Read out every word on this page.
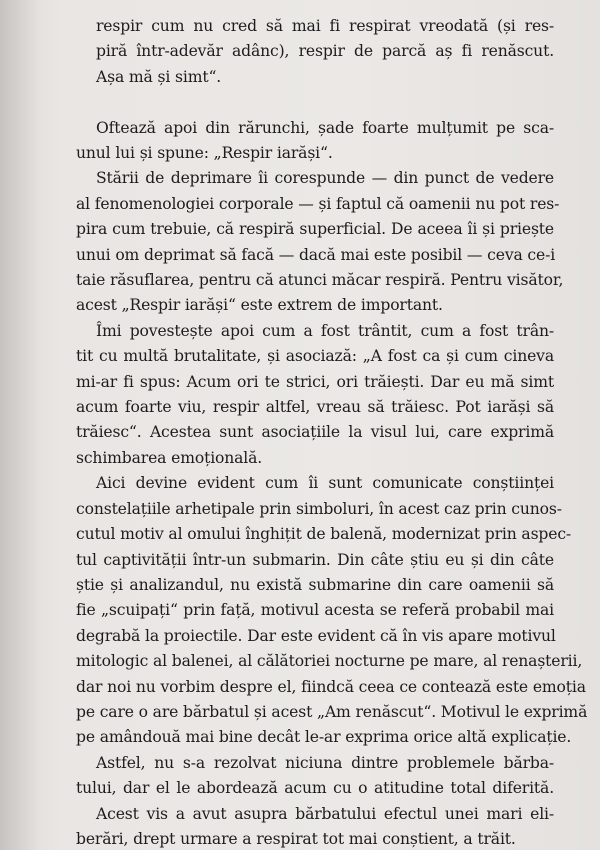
respir cum nu cred să mai fi respirat vreodată (și res-
piră într-adevăr adânc), respir de parcă aș fi renăscut.
Așa mă și simt“.
Oftează apoi din rărunchi, șade foarte mulțumit pe sca-
unul lui și spune: „Respir iarăși“.
Stării de deprimare îi corespunde — din punct de vedere
al fenomenologiei corporale — și faptul că oamenii nu pot res-
pira cum trebuie, că respiră superficial. De aceea îi și priește
unui om deprimat să facă — dacă mai este posibil — ceva ce-i
taie răsuflarea, pentru că atunci măcar respiră. Pentru visător,
acest „Respir iarăși“ este extrem de important.
Îmi povestește apoi cum a fost trântit, cum a fost trân-
tit cu multă brutalitate, și asociază: „A fost ca și cum cineva
mi-ar fi spus: Acum ori te strici, ori trăiești. Dar eu mă simt
acum foarte viu, respir altfel, vreau să trăiesc. Pot iarăși să
trăiesc“. Acestea sunt asociațiile la visul lui, care exprimă
schimbarea emoțională.
Aici devine evident cum îi sunt comunicate conștiinței
constelațiile arhetipale prin simboluri, în acest caz prin cunos-
cutul motiv al omului înghițit de balenă, modernizat prin aspec-
tul captivității într-un submarin. Din câte știu eu și din câte
știe și analizandul, nu există submarine din care oamenii să
fie „scuipați“ prin față, motivul acesta se referă probabil mai
degrabă la proiectile. Dar este evident că în vis apare motivul
mitologic al balenei, al călătoriei nocturne pe mare, al renașterii,
dar noi nu vorbim despre el, fiindcă ceea ce contează este emoția
pe care o are bărbatul și acest „Am renăscut“. Motivul le exprimă
pe amândouă mai bine decât le-ar exprima orice altă explicație.
Astfel, nu s-a rezolvat niciuna dintre problemele bărba-
tului, dar el le abordează acum cu o atitudine total diferită.
Acest vis a avut asupra bărbatului efectul unei mari eli-
berări, drept urmare a respirat tot mai conștient, a trăit.
